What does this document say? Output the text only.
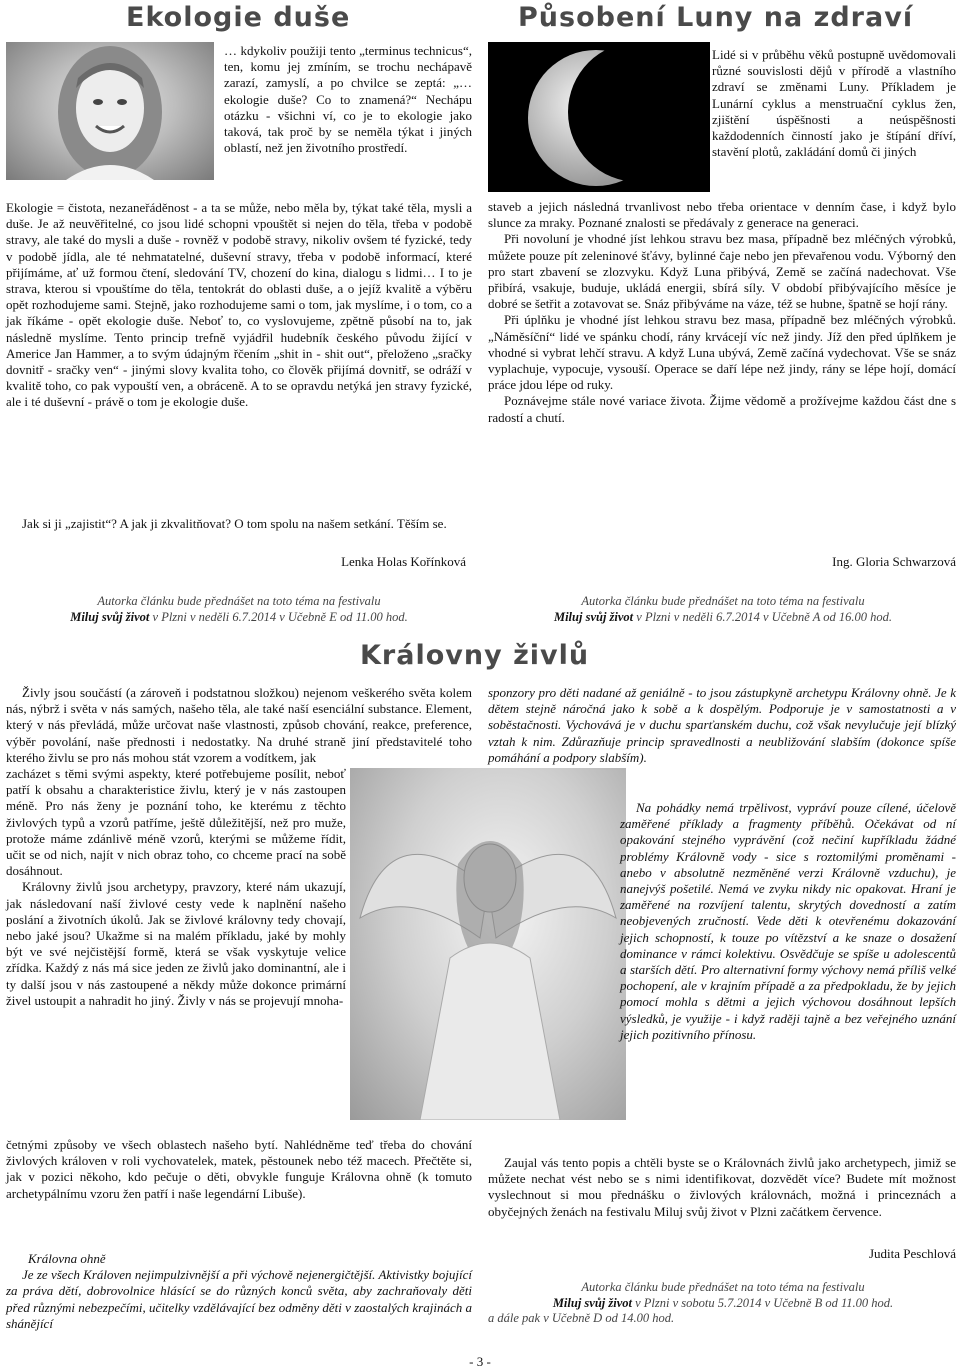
Ekologie duše

… kdykoliv použiji tento „terminus technicus“, ten, komu jej zmíním, se trochu nechápavě zarazí, zamyslí, a po chvilce se zeptá: „…ekologie duše? Co to znamená?“ Nechápu otázku - všichni ví, co je to ekologie jako taková, tak proč by se neměla týkat i jiných oblastí, než jen životního prostředí.

Ekologie = čistota, nezaneřáděnost - a ta se může, nebo měla by, týkat také těla, mysli a duše. Je až neuvěřitelné, co jsou lidé schopni vpouštět si nejen do těla, třeba v podobě stravy, ale také do mysli a duše - rovněž v podobě stravy, nikoliv ovšem té fyzické, tedy v podobě jídla, ale té nehmatatelné, duševní stravy, třeba v podobě informací, které přijímáme, ať už formou čtení, sledování TV, chození do kina, dialogu s lidmi… I to je strava, kterou si vpouštíme do těla, tentokrát do oblasti duše, a o jejíž kvalitě a výběru opět rozhodujeme sami. Stejně, jako rozhodujeme sami o tom, jak myslíme, i o tom, co a jak říkáme - opět ekologie duše. Neboť to, co vyslovujeme, zpětně působí na to, jak následně myslíme. Tento princip trefně vyjádřil hudebník českého původu žijící v Americe Jan Hammer, a to svým údajným řčením „shit in - shit out“, přeloženo „sračky dovnitř - sračky ven“ - jinými slovy kvalita toho, co člověk přijímá dovnitř, se odráží v kvalitě toho, co pak vypouští ven, a obráceně. A to se opravdu netýká jen stravy fyzické, ale i té duševní - právě o tom je ekologie duše.

Jak si ji „zajistit“? A jak ji zkvalitňovat? O tom spolu na našem setkání. Těším se.

Lenka Holas Kořínková
Autorka článku bude přednášet na toto téma na festivalu
Miluj svůj život v Plzni v neděli 6.7.2014 v Učebně E od 11.00 hod.
Působení Luny na zdraví

Lidé si v průběhu věků postupně uvědomovali různé souvislosti dějů v přírodě a vlastního zdraví se změnami Luny. Příkladem je Lunární cyklus a menstruační cyklus žen, zjištění úspěšnosti a neúspěšnosti každodenních činností jako je štípání dříví, stavění plotů, zakládání domů či jiných

staveb a jejich následná trvanlivost nebo třeba orientace v denním čase, i když bylo slunce za mraky. Poznané znalosti se předávaly z generace na generaci.

Při novoluní je vhodné jíst lehkou stravu bez masa, případně bez mléčných výrobků, můžete pouze pít zeleninové šťávy, bylinné čaje nebo jen převařenou vodu. Výborný den pro start zbavení se zlozvyku. Když Luna přibývá, Země se začíná nadechovat. Vše přibírá, vsakuje, buduje, ukládá energii, sbírá síly. V období přibývajícího měsíce je dobré se šetřit a zotavovat se. Snáz přibýváme na váze, též se hubne, špatně se hojí rány.

Při úplňku je vhodné jíst lehkou stravu bez masa, případně bez mléčných výrobků. „Náměsíční“ lidé ve spánku chodí, rány krvácejí víc než jindy. Jíž den před úplňkem je vhodné si vybrat lehčí stravu. A když Luna ubývá, Země začíná vydechovat. Vše se snáz vyplachuje, vypocuje, vysouší. Operace se daří lépe než jindy, rány se lépe hojí, domácí práce jdou lépe od ruky.

Poznávejme stále nové variace života. Žijme vědomě a prožívejme každou část dne s radostí a chutí.

Ing. Gloria Schwarzová
Autorka článku bude přednášet na toto téma na festivalu
Miluj svůj život v Plzni v neděli 6.7.2014 v Učebně A od 16.00 hod.
Královny živlů

Živly jsou součástí (a zároveň i podstatnou složkou) nejenom veškerého světa kolem nás, nýbrž i světa v nás samých, našeho těla, ale také naší esenciální substance. Element, který v nás převládá, může určovat naše vlastnosti, způsob chování, reakce, preference, výběr povolání, naše přednosti i nedostatky. Na druhé straně jiní představitelé toho kterého živlu se pro nás mohou stát vzorem a vodítkem, jak

zacházet s těmi svými aspekty, které potřebujeme posílit, neboť patří k obsahu a charakteristice živlu, který je v nás zastoupen méně. Pro nás ženy je poznání toho, ke kterému z těchto živlových typů a vzorů patříme, ještě důležitější, než pro muže, protože máme zdánlivě méně vzorů, kterými se můžeme řídit, učit se od nich, najít v nich obraz toho, co chceme prací na sobě dosáhnout.

Královny živlů jsou archetypy, pravzory, které nám ukazují, jak následovaní naší živlové cesty vede k naplnění našeho poslání a životních úkolů. Jak se živlové královny tedy chovají, nebo jaké jsou? Ukažme si na malém příkladu, jaké by mohly být ve své nejčistější formě, která se však vyskytuje velice zřídka. Každý z nás má sice jeden ze živlů jako dominantní, ale i ty další jsou v nás zastoupené a někdy může dokonce primární živel ustoupit a nahradit ho jiný. Živly v nás se projevují mnoha-

četnými způsoby ve všech oblastech našeho bytí. Nahlédněme teď třeba do chování živlových královen v roli vychovatelek, matek, pěstounek nebo též macech. Přečtěte si, jak v pozici někoho, kdo pečuje o děti, obvykle funguje Královna ohně (k tomuto archetypálnímu vzoru žen patří i naše legendární Libuše).

Královna ohně

Je ze všech Královen nejimpulzivnější a při výchově nejenergičtější. Aktivistky bojující za práva dětí, dobrovolnice hlásící se do různých konců světa, aby zachraňovaly děti před různými nebezpečími, učitelky vzdělávající bez odměny děti v zaostalých krajinách a shánějící

sponzory pro děti nadané až geniálně - to jsou zástupkyně archetypu Královny ohně. Je k dětem stejně náročná jako k sobě a k dospělým. Podporuje je v samostatnosti a v soběstačnosti. Vychovává je v duchu sparťanském duchu, což však nevylučuje její blízký vztah k nim. Zdůrazňuje princip spravedlnosti a neubližování slabším (dokonce spíše pomáhání a podpory slabším).

Na pohádky nemá trpělivost, vypráví pouze cílené, účelově zaměřené příklady a fragmenty příběhů. Očekávat od ní opakování stejného vyprávění (což nečiní kupříkladu žádné problémy Královně vody - sice s roztomilými proměnami - anebo v absolutně nezměněné verzi Královně vzduchu), je nanejvýš pošetilé. Nemá ve zvyku nikdy nic opakovat. Hraní je zaměřené na rozvíjení talentu, skrytých dovedností a zatím neobjevených zručností. Vede děti k otevřenému dokazování jejich schopností, k touze po vítězství a ke snaze o dosažení dominance v rámci kolektivu. Osvědčuje se spíše u adolescentů a starších dětí. Pro alternativní formy výchovy nemá příliš velké pochopení, ale v krajním případě a za předpokladu, že by jejich pomocí mohla s dětmi a jejich výchovou dosáhnout lepších výsledků, je využije - i když raději tajně a bez veřejného uznání jejich pozitivního přínosu.

Zaujal vás tento popis a chtěli byste se o Královnách živlů jako archetypech, jimiž se můžete nechat vést nebo se s nimi identifikovat, dozvědět více? Budete mít možnost vyslechnout si mou přednášku o živlových královnách, možná i princeznách a obyčejných ženách na festivalu Miluj svůj život v Plzni začátkem července.

Judita Peschlová
Autorka článku bude přednášet na toto téma na festivalu
Miluj svůj život v Plzni v sobotu 5.7.2014 v Učebně B od 11.00 hod.
a dále pak v Učebně D od 14.00 hod.
- 3 -
